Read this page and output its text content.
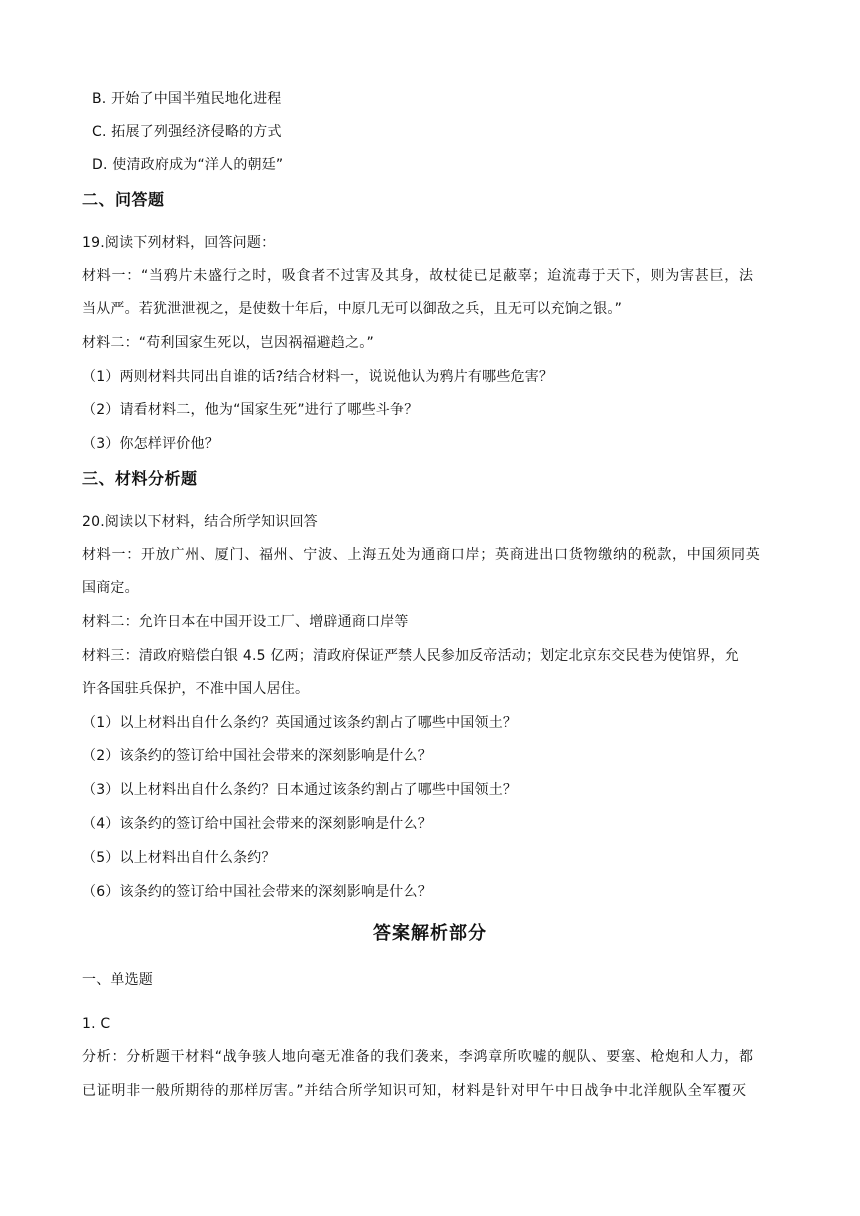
B. 开始了中国半殖民地化进程
C. 拓展了列强经济侵略的方式
D. 使清政府成为“洋人的朝廷”
二、问答题
19.阅读下列材料，回答问题：
材料一：“当鸦片未盛行之时，吸食者不过害及其身，故杖徒已足蔽辜；迨流毒于天下，则为害甚巨，法
当从严。若犹泄泄视之，是使数十年后，中原几无可以御敌之兵，且无可以充饷之银。”
材料二：“苟利国家生死以，岂因祸福避趋之。”
（1）两则材料共同出自谁的话?结合材料一，说说他认为鸦片有哪些危害？
（2）请看材料二，他为“国家生死”进行了哪些斗争？
（3）你怎样评价他？
三、材料分析题
20.阅读以下材料，结合所学知识回答
材料一：开放广州、厦门、福州、宁波、上海五处为通商口岸；英商进出口货物缴纳的税款，中国须同英
国商定。
材料二：允许日本在中国开设工厂、增辟通商口岸等
材料三：清政府赔偿白银 4.5 亿两；清政府保证严禁人民参加反帝活动；划定北京东交民巷为使馆界，允
许各国驻兵保护，不准中国人居住。
（1）以上材料出自什么条约？英国通过该条约割占了哪些中国领土？
（2）该条约的签订给中国社会带来的深刻影响是什么？
（3）以上材料出自什么条约？日本通过该条约割占了哪些中国领土？
（4）该条约的签订给中国社会带来的深刻影响是什么？
（5）以上材料出自什么条约？
（6）该条约的签订给中国社会带来的深刻影响是什么？
答案解析部分
一、单选题
1. C
分析：分析题干材料“战争骇人地向毫无准备的我们袭来，李鸿章所吹嘘的舰队、要塞、枪炮和人力，都
已证明非一般所期待的那样厉害。”并结合所学知识可知，材料是针对甲午中日战争中北洋舰队全军覆灭
